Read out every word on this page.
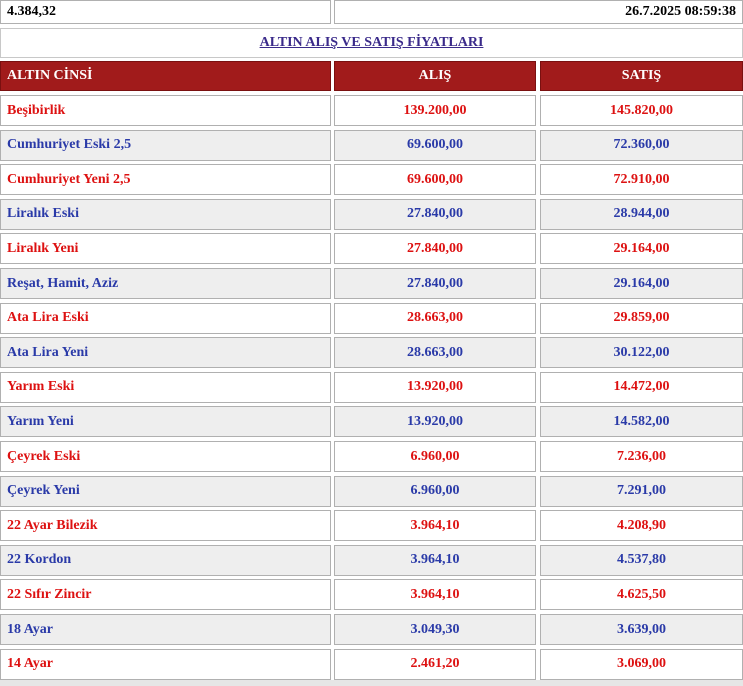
4.384,32	26.7.2025 08:59:38
ALTIN ALIŞ VE SATIŞ FİYATLARI
ALTIN CİNSİ	ALIŞ	SATIŞ
Beşibirlik	139.200,00	145.820,00
Cumhuriyet Eski 2,5	69.600,00	72.360,00
Cumhuriyet Yeni 2,5	69.600,00	72.910,00
Liralık Eski	27.840,00	28.944,00
Liralık Yeni	27.840,00	29.164,00
Reşat, Hamit, Aziz	27.840,00	29.164,00
Ata Lira Eski	28.663,00	29.859,00
Ata Lira Yeni	28.663,00	30.122,00
Yarım Eski	13.920,00	14.472,00
Yarım Yeni	13.920,00	14.582,00
Çeyrek Eski	6.960,00	7.236,00
Çeyrek Yeni	6.960,00	7.291,00
22 Ayar Bilezik	3.964,10	4.208,90
22 Kordon	3.964,10	4.537,80
22 Sıfır Zincir	3.964,10	4.625,50
18 Ayar	3.049,30	3.639,00
14 Ayar	2.461,20	3.069,00
